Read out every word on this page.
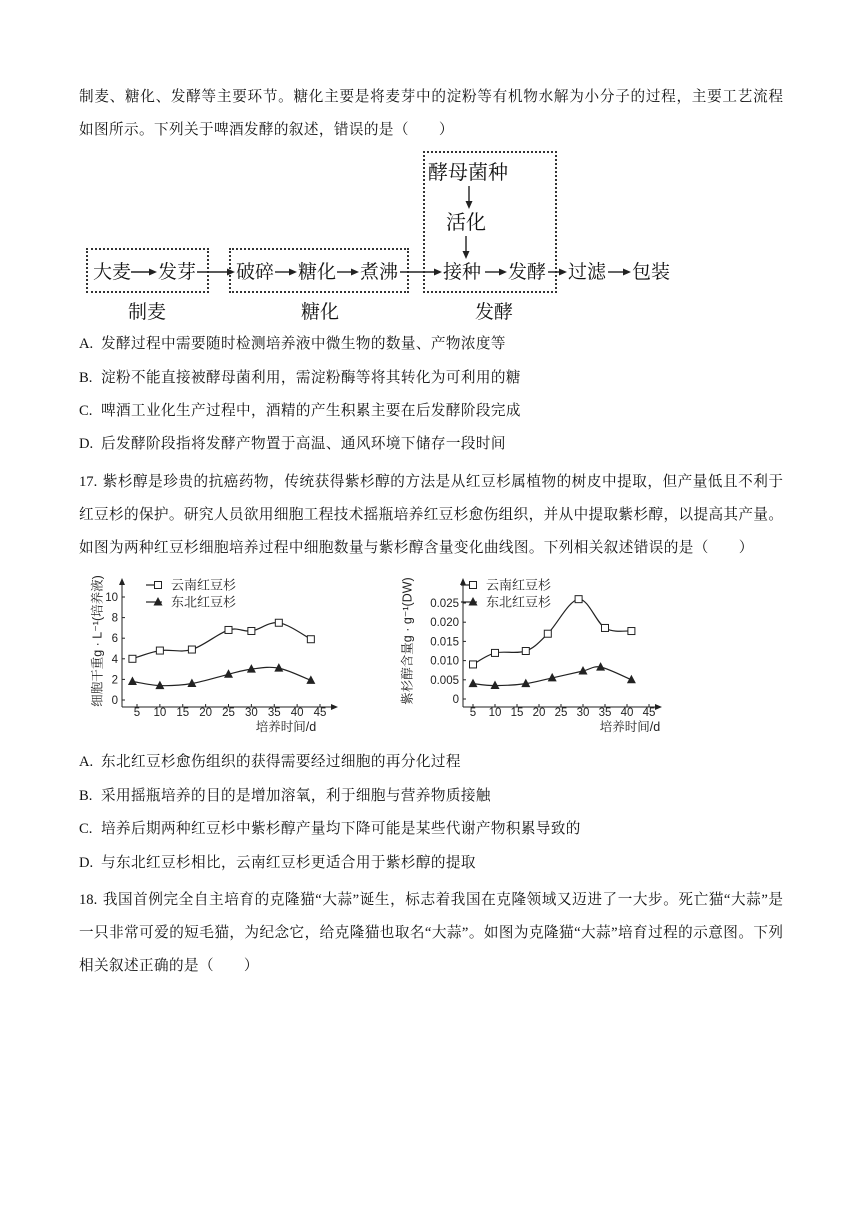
制麦、糖化、发酵等主要环节。糖化主要是将麦芽中的淀粉等有机物水解为小分子的过程，主要工艺流程
如图所示。下列关于啤酒发酵的叙述，错误的是（　　）
酵母菌种
活化
大麦 发芽 破碎 糖化 煮沸 接种 发酵 过滤 包装
制麦	糖化	发酵
A. 发酵过程中需要随时检测培养液中微生物的数量、产物浓度等
B. 淀粉不能直接被酵母菌利用，需淀粉酶等将其转化为可利用的糖
C. 啤酒工业化生产过程中，酒精的产生积累主要在后发酵阶段完成
D. 后发酵阶段指将发酵产物置于高温、通风环境下储存一段时间
17. 紫杉醇是珍贵的抗癌药物，传统获得紫杉醇的方法是从红豆杉属植物的树皮中提取，但产量低且不利于
红豆杉的保护。研究人员欲用细胞工程技术摇瓶培养红豆杉愈伤组织，并从中提取紫杉醇，以提高其产量。
如图为两种红豆杉细胞培养过程中细胞数量与紫杉醇含量变化曲线图。下列相关叙述错误的是（　　）
5 10 15 20 25 30 35 40 45
0
2
4
6
8
10
培养时间/d
细胞干重g · L⁻¹(培养液)	云南红豆杉
东北红豆杉
5 10 15 20 25 30 35 40 45
0
0.005
0.010
0.015
0.020
0.025
培养时间/d
紫杉醇含量g · g⁻¹(DW)	云南红豆杉
东北红豆杉
A. 东北红豆杉愈伤组织的获得需要经过细胞的再分化过程
B. 采用摇瓶培养的目的是增加溶氧，利于细胞与营养物质接触
C. 培养后期两种红豆杉中紫杉醇产量均下降可能是某些代谢产物积累导致的
D. 与东北红豆杉相比，云南红豆杉更适合用于紫杉醇的提取
18. 我国首例完全自主培育的克隆猫“大蒜”诞生，标志着我国在克隆领域又迈进了一大步。死亡猫“大蒜”是
一只非常可爱的短毛猫，为纪念它，给克隆猫也取名“大蒜”。如图为克隆猫“大蒜”培育过程的示意图。下列
相关叙述正确的是（　　）
